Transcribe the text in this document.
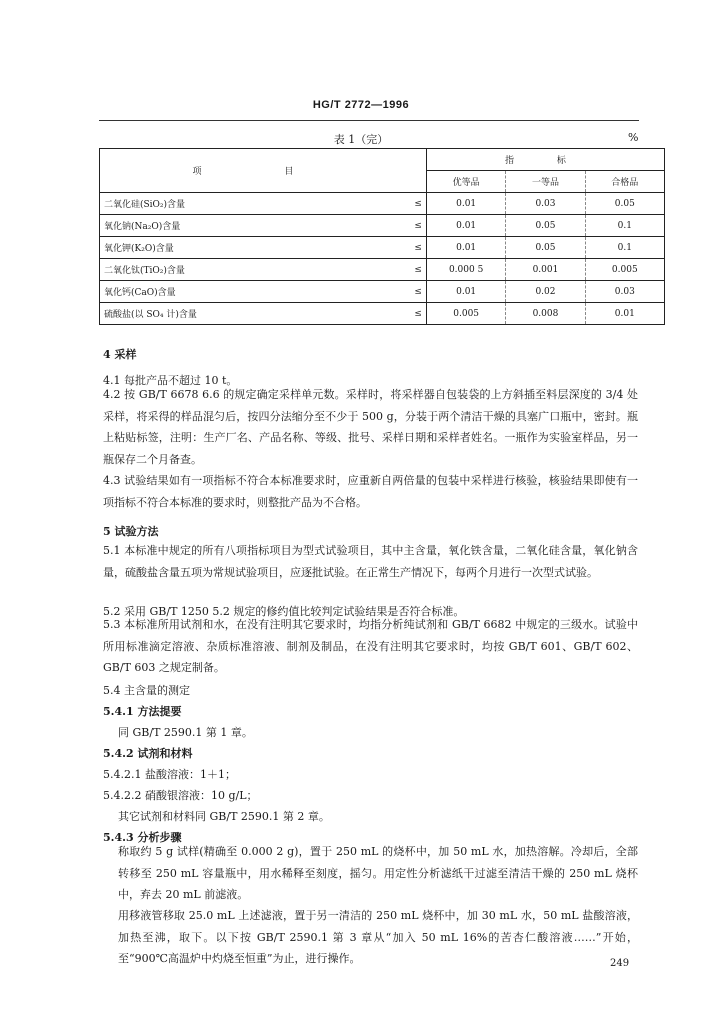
HG/T 2772—1996
表 1（完）	%
项 目		指 标		
		优等品	一等品	合格品
二氧化硅(SiO₂)含量	≤	0.01	0.03	0.05
氧化钠(Na₂O)含量	≤	0.01	0.05	0.1
氧化钾(K₂O)含量	≤	0.01	0.05	0.1
二氧化钛(TiO₂)含量	≤	0.000 5	0.001	0.005
氧化钙(CaO)含量	≤	0.01	0.02	0.03
硫酸盐(以 SO₄ 计)含量	≤	0.005	0.008	0.01
4 采样
4.1 每批产品不超过 10 t。
4.2 按 GB/T 6678 6.6 的规定确定采样单元数。采样时，将采样器自包装袋的上方斜插至料层深度的 3/4 处采样，将采得的样品混匀后，按四分法缩分至不少于 500 g，分装于两个清洁干燥的具塞广口瓶中，密封。瓶上粘贴标签，注明：生产厂名、产品名称、等级、批号、采样日期和采样者姓名。一瓶作为实验室样品，另一瓶保存二个月备查。
4.3 试验结果如有一项指标不符合本标准要求时，应重新自两倍量的包装中采样进行核验，核验结果即使有一项指标不符合本标准的要求时，则整批产品为不合格。
5 试验方法
5.1 本标准中规定的所有八项指标项目为型式试验项目，其中主含量，氧化铁含量，二氧化硅含量，氧化钠含量，硫酸盐含量五项为常规试验项目，应逐批试验。在正常生产情况下，每两个月进行一次型式试验。
5.2 采用 GB/T 1250 5.2 规定的修约值比较判定试验结果是否符合标准。
5.3 本标准所用试剂和水，在没有注明其它要求时，均指分析纯试剂和 GB/T 6682 中规定的三级水。试验中所用标准滴定溶液、杂质标准溶液、制剂及制品，在没有注明其它要求时，均按 GB/T 601、GB/T 602、GB/T 603 之规定制备。
5.4 主含量的测定
5.4.1 方法提要
同 GB/T 2590.1 第 1 章。
5.4.2 试剂和材料
5.4.2.1 盐酸溶液：1＋1；
5.4.2.2 硝酸银溶液：10 g/L；
其它试剂和材料同 GB/T 2590.1 第 2 章。
5.4.3 分析步骤
称取约 5 g 试样(精确至 0.000 2 g)，置于 250 mL 的烧杯中，加 50 mL 水，加热溶解。冷却后，全部转移至 250 mL 容量瓶中，用水稀释至刻度，摇匀。用定性分析滤纸干过滤至清洁干燥的 250 mL 烧杯中，弃去 20 mL 前滤液。
用移液管移取 25.0 mL 上述滤液，置于另一清洁的 250 mL 烧杯中，加 30 mL 水，50 mL 盐酸溶液，加热至沸，取下。以下按 GB/T 2590.1 第 3 章从“加入 50 mL 16%的苦杏仁酸溶液……”开始，至“900℃高温炉中灼烧至恒重”为止，进行操作。	249
